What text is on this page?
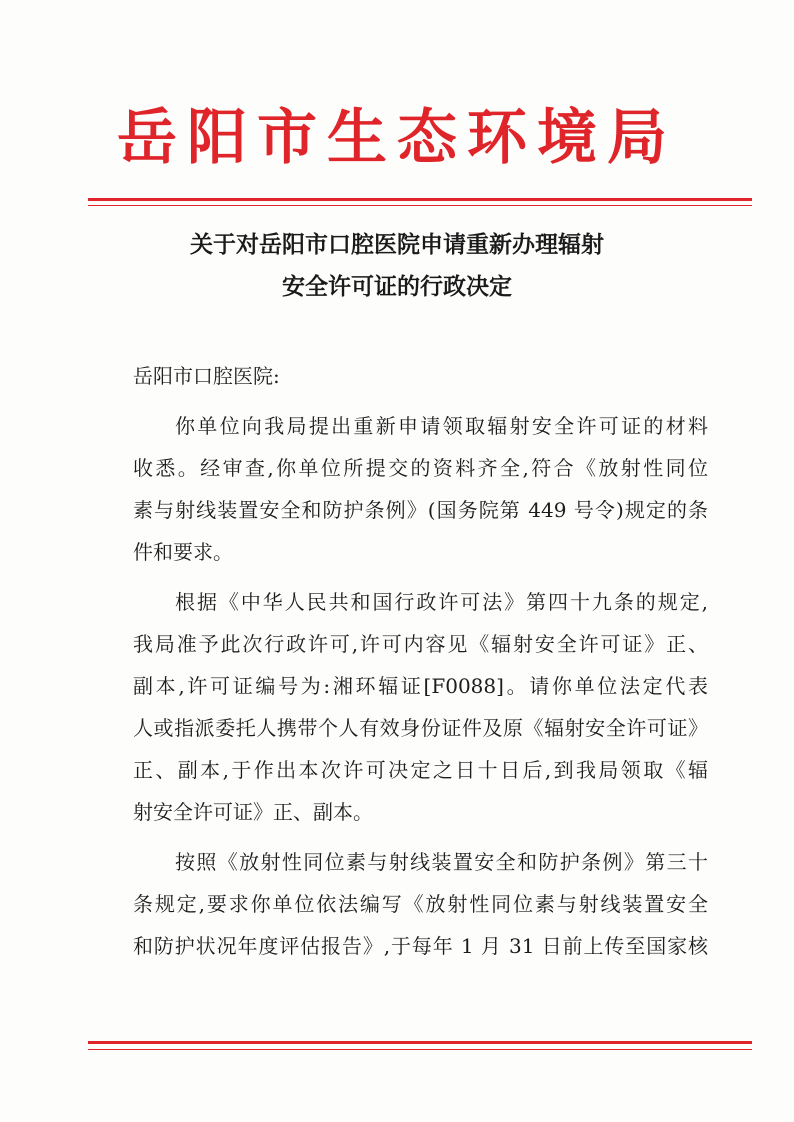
岳阳市生态环境局
关于对岳阳市口腔医院申请重新办理辐射
安全许可证的行政决定

岳阳市口腔医院:

你单位向我局提出重新申请领取辐射安全许可证的材料
收悉。经审查,你单位所提交的资料齐全,符合《放射性同位
素与射线装置安全和防护条例》(国务院第 449 号令)规定的条
件和要求。

根据《中华人民共和国行政许可法》第四十九条的规定,
我局准予此次行政许可,许可内容见《辐射安全许可证》正、
副本,许可证编号为:湘环辐证[F0088]。请你单位法定代表
人或指派委托人携带个人有效身份证件及原《辐射安全许可证》
正、副本,于作出本次许可决定之日十日后,到我局领取《辐
射安全许可证》正、副本。

按照《放射性同位素与射线装置安全和防护条例》第三十
条规定,要求你单位依法编写《放射性同位素与射线装置安全
和防护状况年度评估报告》,于每年 1 月 31 日前上传至国家核
